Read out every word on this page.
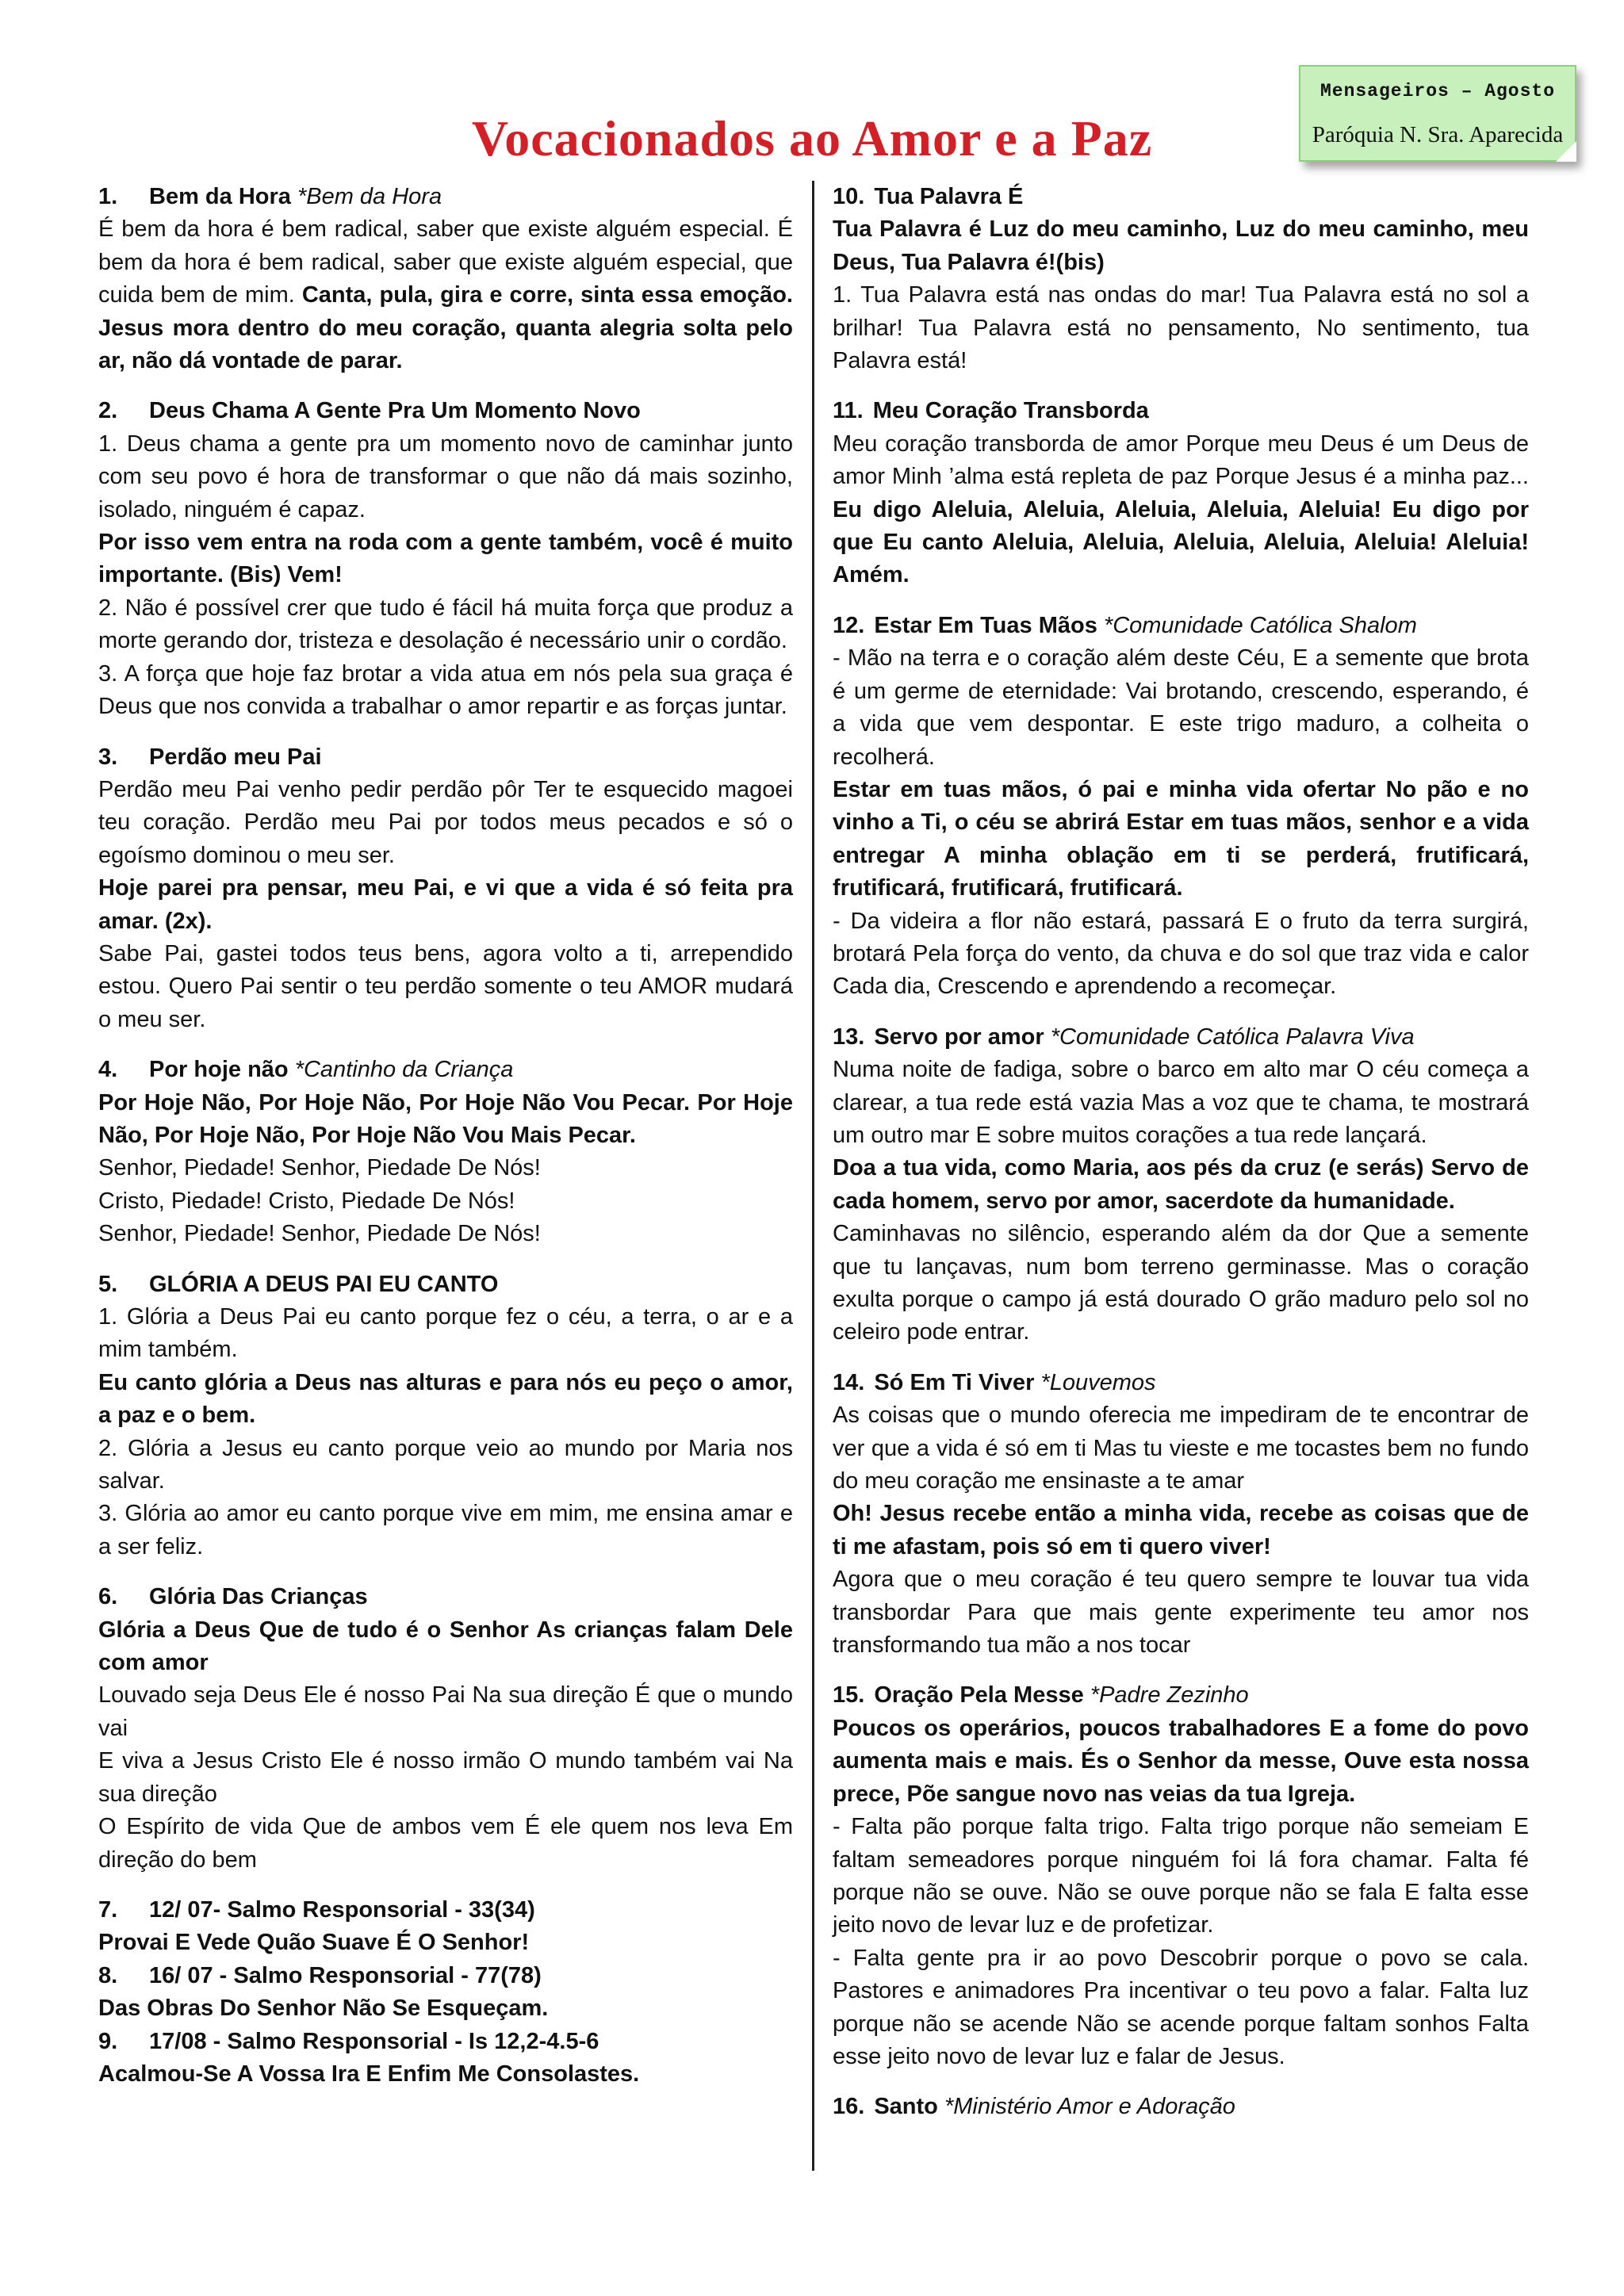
Mensageiros – Agosto
Paróquia N. Sra. Aparecida
Vocacionados ao Amor e a Paz

1. Bem da Hora *Bem da Hora

É bem da hora é bem radical, saber que existe alguém especial. É bem da hora é bem radical, saber que existe alguém especial, que cuida bem de mim. Canta, pula, gira e corre, sinta essa emoção. Jesus mora dentro do meu coração, quanta alegria solta pelo ar, não dá vontade de parar.

2. Deus Chama A Gente Pra Um Momento Novo

1. Deus chama a gente pra um momento novo de caminhar junto com seu povo é hora de transformar o que não dá mais sozinho, isolado, ninguém é capaz.

Por isso vem entra na roda com a gente também, você é muito importante. (Bis) Vem!

2. Não é possível crer que tudo é fácil há muita força que produz a morte gerando dor, tristeza e desolação é necessário unir o cordão.

3. A força que hoje faz brotar a vida atua em nós pela sua graça é Deus que nos convida a trabalhar o amor repartir e as forças juntar.

3. Perdão meu Pai

Perdão meu Pai venho pedir perdão pôr Ter te esquecido magoei teu coração. Perdão meu Pai por todos meus pecados e só o egoísmo dominou o meu ser.

Hoje parei pra pensar, meu Pai, e vi que a vida é só feita pra amar. (2x).

Sabe Pai, gastei todos teus bens, agora volto a ti, arrependido estou. Quero Pai sentir o teu perdão somente o teu AMOR mudará o meu ser.

4. Por hoje não *Cantinho da Criança

Por Hoje Não, Por Hoje Não, Por Hoje Não Vou Pecar. Por Hoje Não, Por Hoje Não, Por Hoje Não Vou Mais Pecar.

Senhor, Piedade! Senhor, Piedade De Nós!

Cristo, Piedade! Cristo, Piedade De Nós!

Senhor, Piedade! Senhor, Piedade De Nós!

5. GLÓRIA A DEUS PAI EU CANTO

1. Glória a Deus Pai eu canto porque fez o céu, a terra, o ar e a mim também.

Eu canto glória a Deus nas alturas e para nós eu peço o amor, a paz e o bem.

2. Glória a Jesus eu canto porque veio ao mundo por Maria nos salvar.

3. Glória ao amor eu canto porque vive em mim, me ensina amar e a ser feliz.

6. Glória Das Crianças

Glória a Deus Que de tudo é o Senhor As crianças falam Dele com amor

Louvado seja Deus Ele é nosso Pai Na sua direção É que o mundo vai

E viva a Jesus Cristo Ele é nosso irmão O mundo também vai Na sua direção

O Espírito de vida Que de ambos vem É ele quem nos leva Em direção do bem

7. 12/ 07- Salmo Responsorial - 33(34)

Provai E Vede Quão Suave É O Senhor!

8. 16/ 07 - Salmo Responsorial - 77(78)

Das Obras Do Senhor Não Se Esqueçam.

9. 17/08 - Salmo Responsorial - Is 12,2-4.5-6

Acalmou-Se A Vossa Ira E Enfim Me Consolastes.

10. Tua Palavra É

Tua Palavra é Luz do meu caminho, Luz do meu caminho, meu Deus, Tua Palavra é!(bis)

1. Tua Palavra está nas ondas do mar! Tua Palavra está no sol a brilhar! Tua Palavra está no pensamento, No sentimento, tua Palavra está!

11. Meu Coração Transborda

Meu coração transborda de amor Porque meu Deus é um Deus de amor Minh ’alma está repleta de paz Porque Jesus é a minha paz... Eu digo Aleluia, Aleluia, Aleluia, Aleluia, Aleluia! Eu digo por que Eu canto Aleluia, Aleluia, Aleluia, Aleluia, Aleluia! Aleluia! Amém.

12. Estar Em Tuas Mãos *Comunidade Católica Shalom

- Mão na terra e o coração além deste Céu, E a semente que brota é um germe de eternidade: Vai brotando, crescendo, esperando, é a vida que vem despontar. E este trigo maduro, a colheita o recolherá.

Estar em tuas mãos, ó pai e minha vida ofertar No pão e no vinho a Ti, o céu se abrirá Estar em tuas mãos, senhor e a vida entregar A minha oblação em ti se perderá, frutificará, frutificará, frutificará, frutificará.

- Da videira a flor não estará, passará E o fruto da terra surgirá, brotará Pela força do vento, da chuva e do sol que traz vida e calor Cada dia, Crescendo e aprendendo a recomeçar.

13. Servo por amor *Comunidade Católica Palavra Viva

Numa noite de fadiga, sobre o barco em alto mar O céu começa a clarear, a tua rede está vazia Mas a voz que te chama, te mostrará um outro mar E sobre muitos corações a tua rede lançará.

Doa a tua vida, como Maria, aos pés da cruz (e serás) Servo de cada homem, servo por amor, sacerdote da humanidade.

Caminhavas no silêncio, esperando além da dor Que a semente que tu lançavas, num bom terreno germinasse. Mas o coração exulta porque o campo já está dourado O grão maduro pelo sol no celeiro pode entrar.

14. Só Em Ti Viver *Louvemos

As coisas que o mundo oferecia me impediram de te encontrar de ver que a vida é só em ti Mas tu vieste e me tocastes bem no fundo do meu coração me ensinaste a te amar

Oh! Jesus recebe então a minha vida, recebe as coisas que de ti me afastam, pois só em ti quero viver!

Agora que o meu coração é teu quero sempre te louvar tua vida transbordar Para que mais gente experimente teu amor nos transformando tua mão a nos tocar

15. Oração Pela Messe *Padre Zezinho

Poucos os operários, poucos trabalhadores E a fome do povo aumenta mais e mais. És o Senhor da messe, Ouve esta nossa prece, Põe sangue novo nas veias da tua Igreja.

- Falta pão porque falta trigo. Falta trigo porque não semeiam E faltam semeadores porque ninguém foi lá fora chamar. Falta fé porque não se ouve. Não se ouve porque não se fala E falta esse jeito novo de levar luz e de profetizar.

- Falta gente pra ir ao povo Descobrir porque o povo se cala. Pastores e animadores Pra incentivar o teu povo a falar. Falta luz porque não se acende Não se acende porque faltam sonhos Falta esse jeito novo de levar luz e falar de Jesus.

16. Santo *Ministério Amor e Adoração
